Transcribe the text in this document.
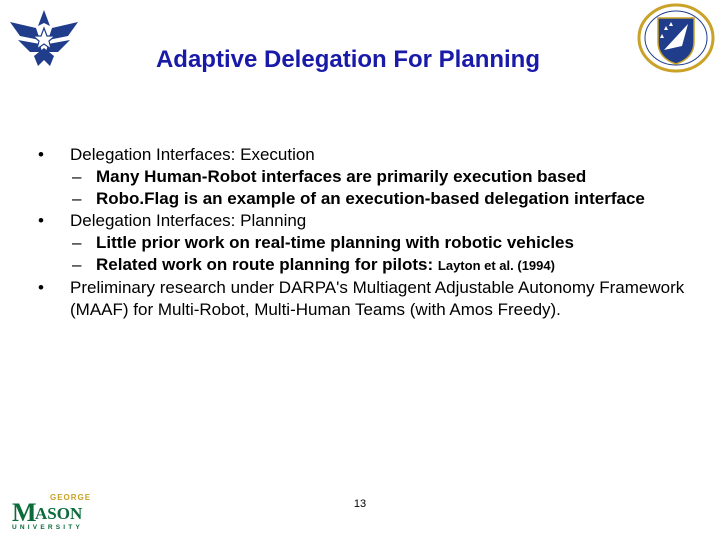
Adaptive Delegation For Planning
• Delegation Interfaces: Execution
– Many Human-Robot interfaces are primarily execution based
– Robo.Flag is an example of an execution-based delegation interface
• Delegation Interfaces: Planning
– Little prior work on real-time planning with robotic vehicles
– Related work on route planning for pilots: Layton et al. (1994)
• Preliminary research under DARPA's Multiagent Adjustable Autonomy Framework (MAAF) for Multi-Robot, Multi-Human Teams (with Amos Freedy).
GEORGE
M
ASON
UNIVERSITY
13
